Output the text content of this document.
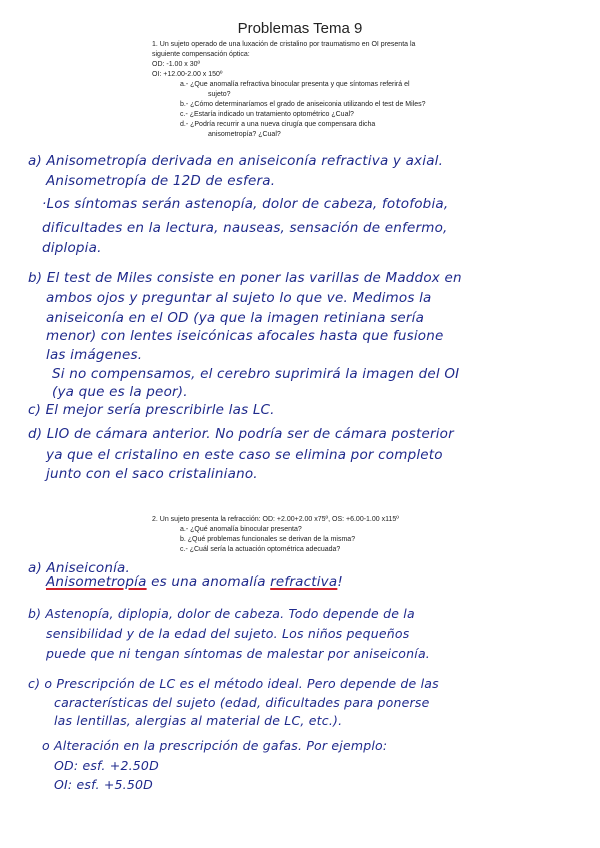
Problemas Tema 9
1. Un sujeto operado de una luxación de cristalino por traumatismo en OI presenta la
siguiente compensación óptica:
OD: -1.00 x 30º
OI: +12.00-2.00 x 150º
a.- ¿Que anomalía refractiva binocular presenta y que síntomas referirá el
sujeto?
b.- ¿Cómo determinaríamos el grado de aniseiconia utilizando el test de Miles?
c.- ¿Estaría indicado un tratamiento optométrico ¿Cual?
d.- ¿Podría recurrir a una nueva cirugía que compensara dicha
anisometropía? ¿Cual?
a) Anisometropía derivada en aniseiconía refractiva y axial.
Anisometropía de 12D de esfera.
·Los síntomas serán astenopía, dolor de cabeza, fotofobia,
dificultades en la lectura, nauseas, sensación de enfermo,
diplopia.
b) El test de Miles consiste en poner las varillas de Maddox en
ambos ojos y preguntar al sujeto lo que ve. Medimos la
aniseiconía en el OD (ya que la imagen retiniana sería
menor) con lentes iseicónicas afocales hasta que fusione
las imágenes.
Si no compensamos, el cerebro suprimirá la imagen del OI
(ya que es la peor).
c) El mejor sería prescribirle las LC.
d) LIO de cámara anterior. No podría ser de cámara posterior
ya que el cristalino en este caso se elimina por completo
junto con el saco cristaliniano.
2. Un sujeto presenta la refracción: OD: +2.00+2.00 x75º, OS: +6.00-1.00 x115º
a.- ¿Qué anomalía binocular presenta?
b. ¿Qué problemas funcionales se derivan de la misma?
c.- ¿Cuál sería la actuación optométrica adecuada?
a) Aniseiconía.
Anisometropía es una anomalía refractiva!
b) Astenopía, diplopia, dolor de cabeza. Todo depende de la
sensibilidad y de la edad del sujeto. Los niños pequeños
puede que ni tengan síntomas de malestar por aniseiconía.
c) o Prescripción de LC es el método ideal. Pero depende de las
características del sujeto (edad, dificultades para ponerse
las lentillas, alergias al material de LC, etc.).
o Alteración en la prescripción de gafas. Por ejemplo:
OD: esf. +2.50D
OI: esf. +5.50D
